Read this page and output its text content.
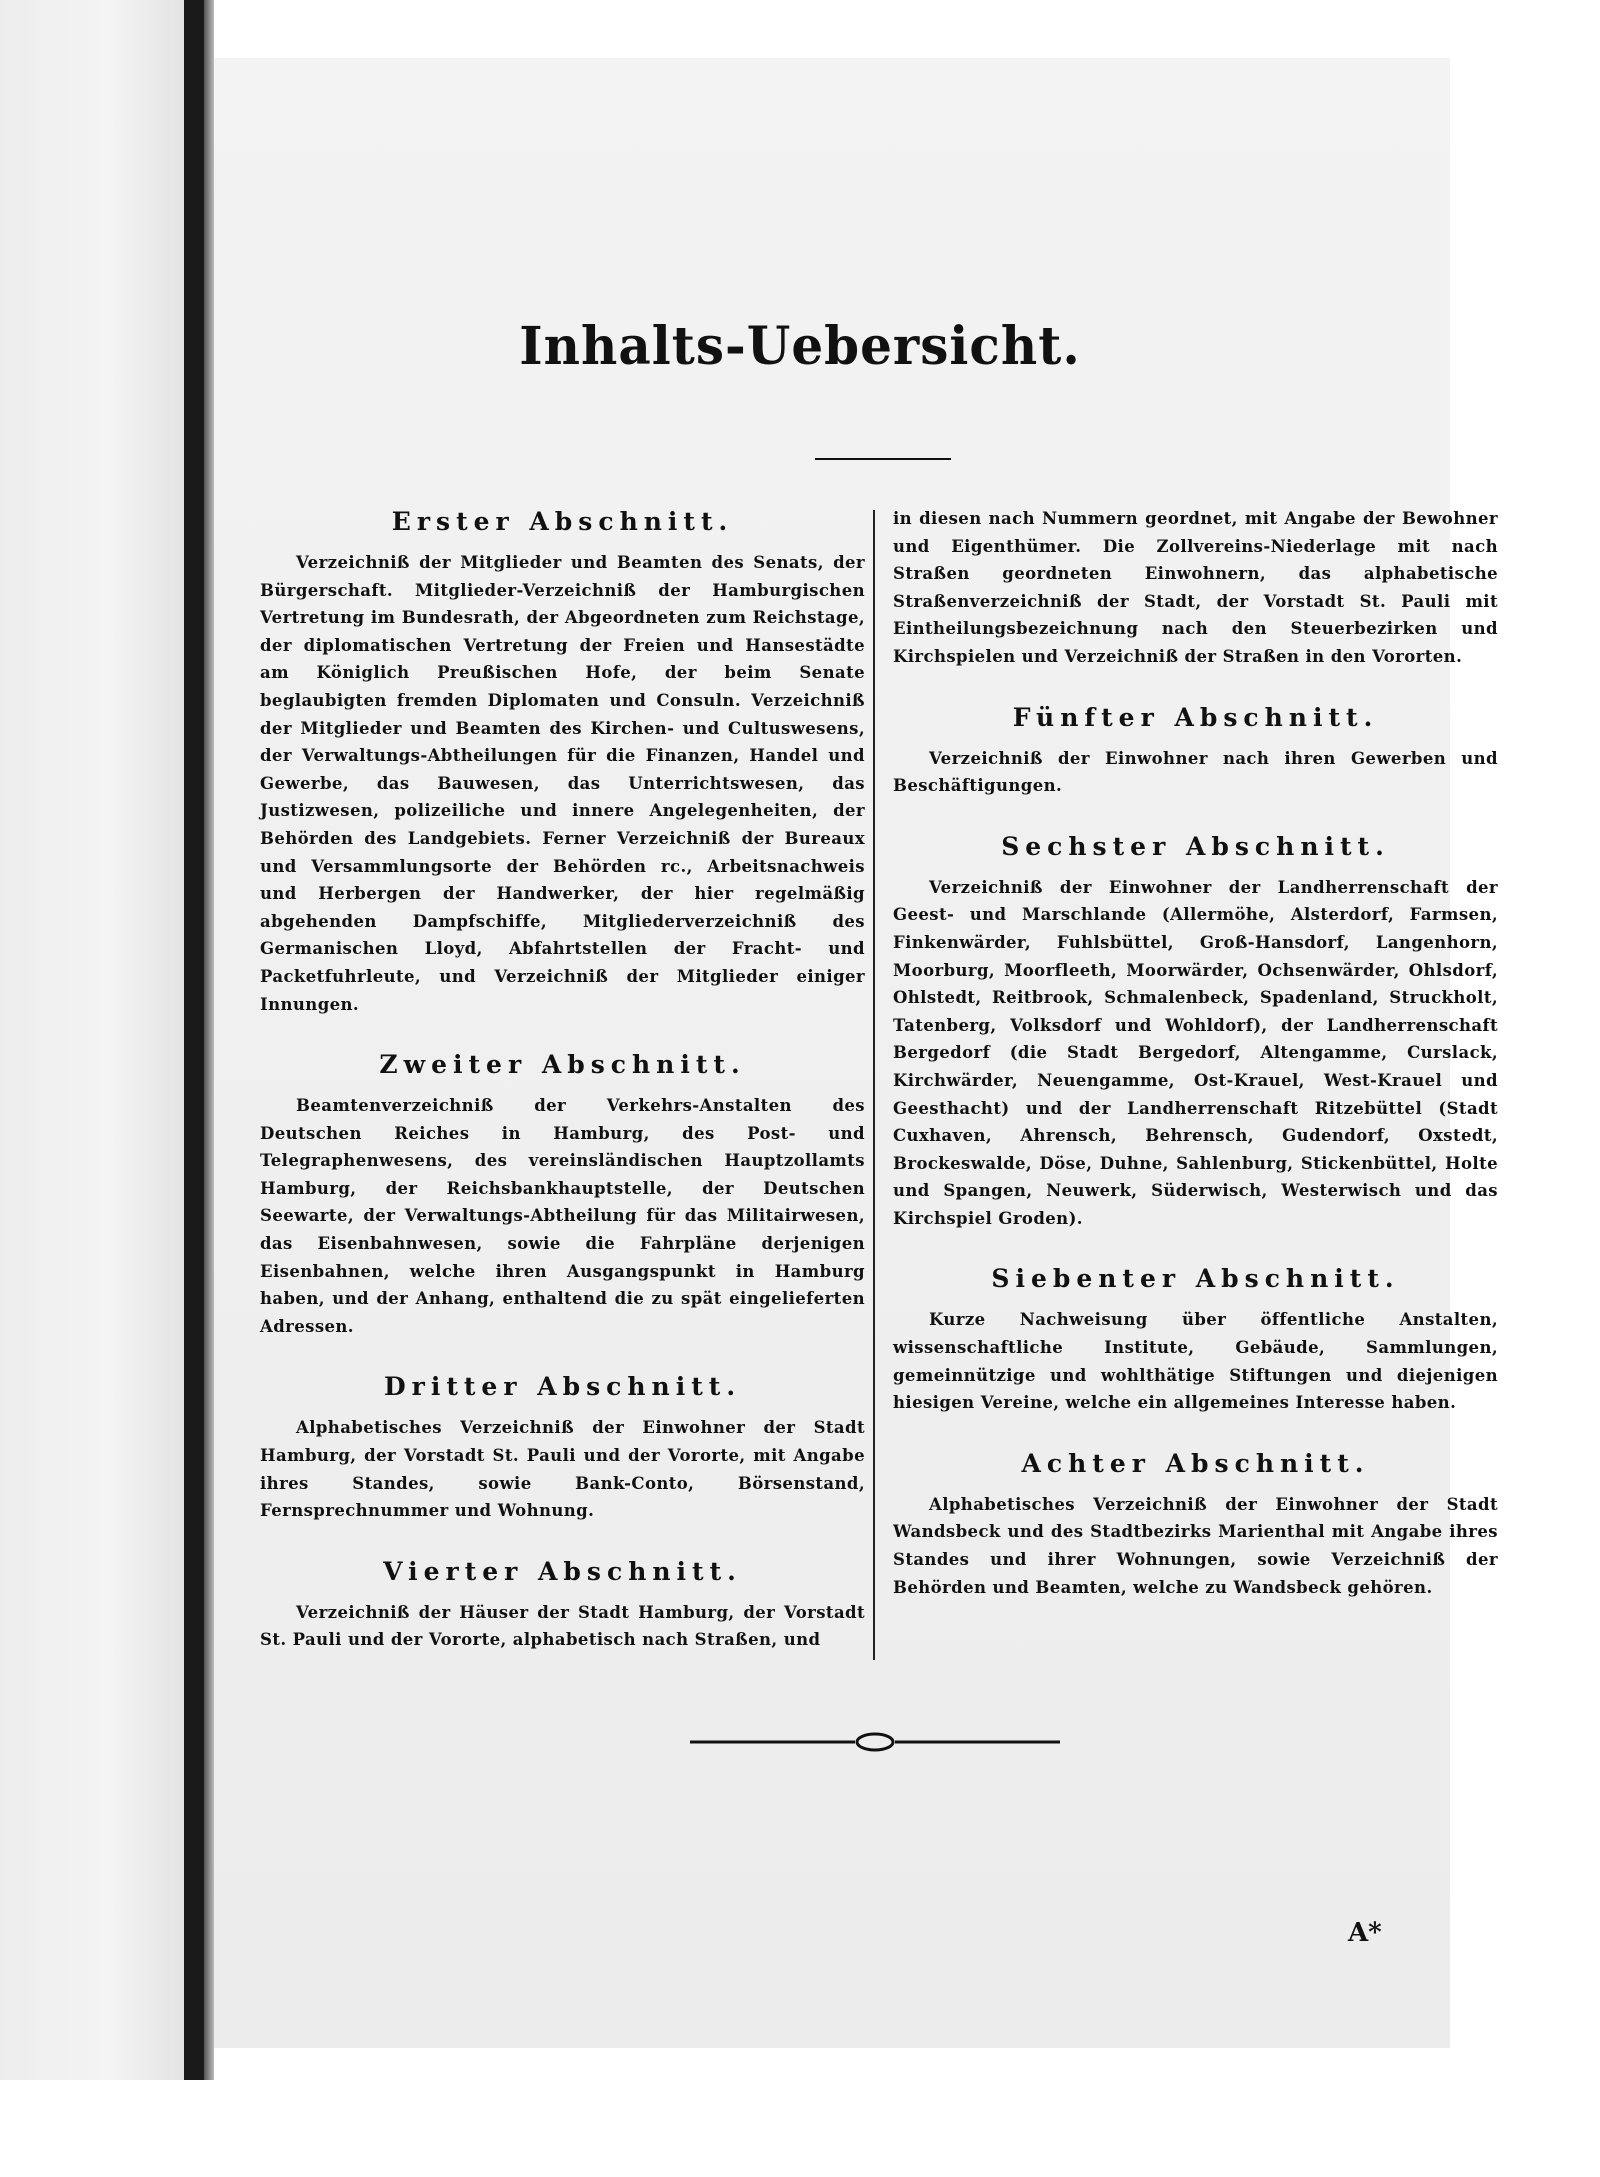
Inhalts-Uebersicht.

Erster Abschnitt.

Verzeichniß der Mitglieder und Beamten des Senats, der Bürgerschaft. Mitglieder-Verzeichniß der Hamburgischen Vertretung im Bundesrath, der Abgeordneten zum Reichstage, der diplomatischen Vertretung der Freien und Hansestädte am Königlich Preußischen Hofe, der beim Senate beglaubigten fremden Diplomaten und Consuln. Verzeichniß der Mitglieder und Beamten des Kirchen- und Cultuswesens, der Verwaltungs-Abtheilungen für die Finanzen, Handel und Gewerbe, das Bauwesen, das Unterrichtswesen, das Justizwesen, polizeiliche und innere Angelegenheiten, der Behörden des Landgebiets. Ferner Verzeichniß der Bureaux und Versammlungsorte der Behörden rc., Arbeitsnachweis und Herbergen der Handwerker, der hier regelmäßig abgehenden Dampfschiffe, Mitgliederverzeichniß des Germanischen Lloyd, Abfahrtstellen der Fracht- und Packetfuhrleute, und Verzeichniß der Mitglieder einiger Innungen.

Zweiter Abschnitt.

Beamtenverzeichniß der Verkehrs-Anstalten des Deutschen Reiches in Hamburg, des Post- und Telegraphenwesens, des vereinsländischen Hauptzollamts Hamburg, der Reichsbankhauptstelle, der Deutschen Seewarte, der Verwaltungs-Abtheilung für das Militairwesen, das Eisenbahnwesen, sowie die Fahrpläne derjenigen Eisenbahnen, welche ihren Ausgangspunkt in Hamburg haben, und der Anhang, enthaltend die zu spät eingelieferten Adressen.

Dritter Abschnitt.

Alphabetisches Verzeichniß der Einwohner der Stadt Hamburg, der Vorstadt St. Pauli und der Vororte, mit Angabe ihres Standes, sowie Bank-Conto, Börsenstand, Fernsprechnummer und Wohnung.

Vierter Abschnitt.

Verzeichniß der Häuser der Stadt Hamburg, der Vorstadt St. Pauli und der Vororte, alphabetisch nach Straßen, und

in diesen nach Nummern geordnet, mit Angabe der Bewohner und Eigenthümer. Die Zollvereins-Niederlage mit nach Straßen geordneten Einwohnern, das alphabetische Straßenverzeichniß der Stadt, der Vorstadt St. Pauli mit Eintheilungsbezeichnung nach den Steuerbezirken und Kirchspielen und Verzeichniß der Straßen in den Vororten.

Fünfter Abschnitt.

Verzeichniß der Einwohner nach ihren Gewerben und Beschäftigungen.

Sechster Abschnitt.

Verzeichniß der Einwohner der Landherrenschaft der Geest- und Marschlande (Allermöhe, Alsterdorf, Farmsen, Finkenwärder, Fuhlsbüttel, Groß-Hansdorf, Langenhorn, Moorburg, Moorfleeth, Moorwärder, Ochsenwärder, Ohlsdorf, Ohlstedt, Reitbrook, Schmalenbeck, Spadenland, Struckholt, Tatenberg, Volksdorf und Wohldorf), der Landherrenschaft Bergedorf (die Stadt Bergedorf, Altengamme, Curslack, Kirchwärder, Neuengamme, Ost-Krauel, West-Krauel und Geesthacht) und der Landherrenschaft Ritzebüttel (Stadt Cuxhaven, Ahrensch, Behrensch, Gudendorf, Oxstedt, Brockeswalde, Döse, Duhne, Sahlenburg, Stickenbüttel, Holte und Spangen, Neuwerk, Süderwisch, Westerwisch und das Kirchspiel Groden).

Siebenter Abschnitt.

Kurze Nachweisung über öffentliche Anstalten, wissenschaftliche Institute, Gebäude, Sammlungen, gemeinnützige und wohlthätige Stiftungen und diejenigen hiesigen Vereine, welche ein allgemeines Interesse haben.

Achter Abschnitt.

Alphabetisches Verzeichniß der Einwohner der Stadt Wandsbeck und des Stadtbezirks Marienthal mit Angabe ihres Standes und ihrer Wohnungen, sowie Verzeichniß der Behörden und Beamten, welche zu Wandsbeck gehören.

A*
